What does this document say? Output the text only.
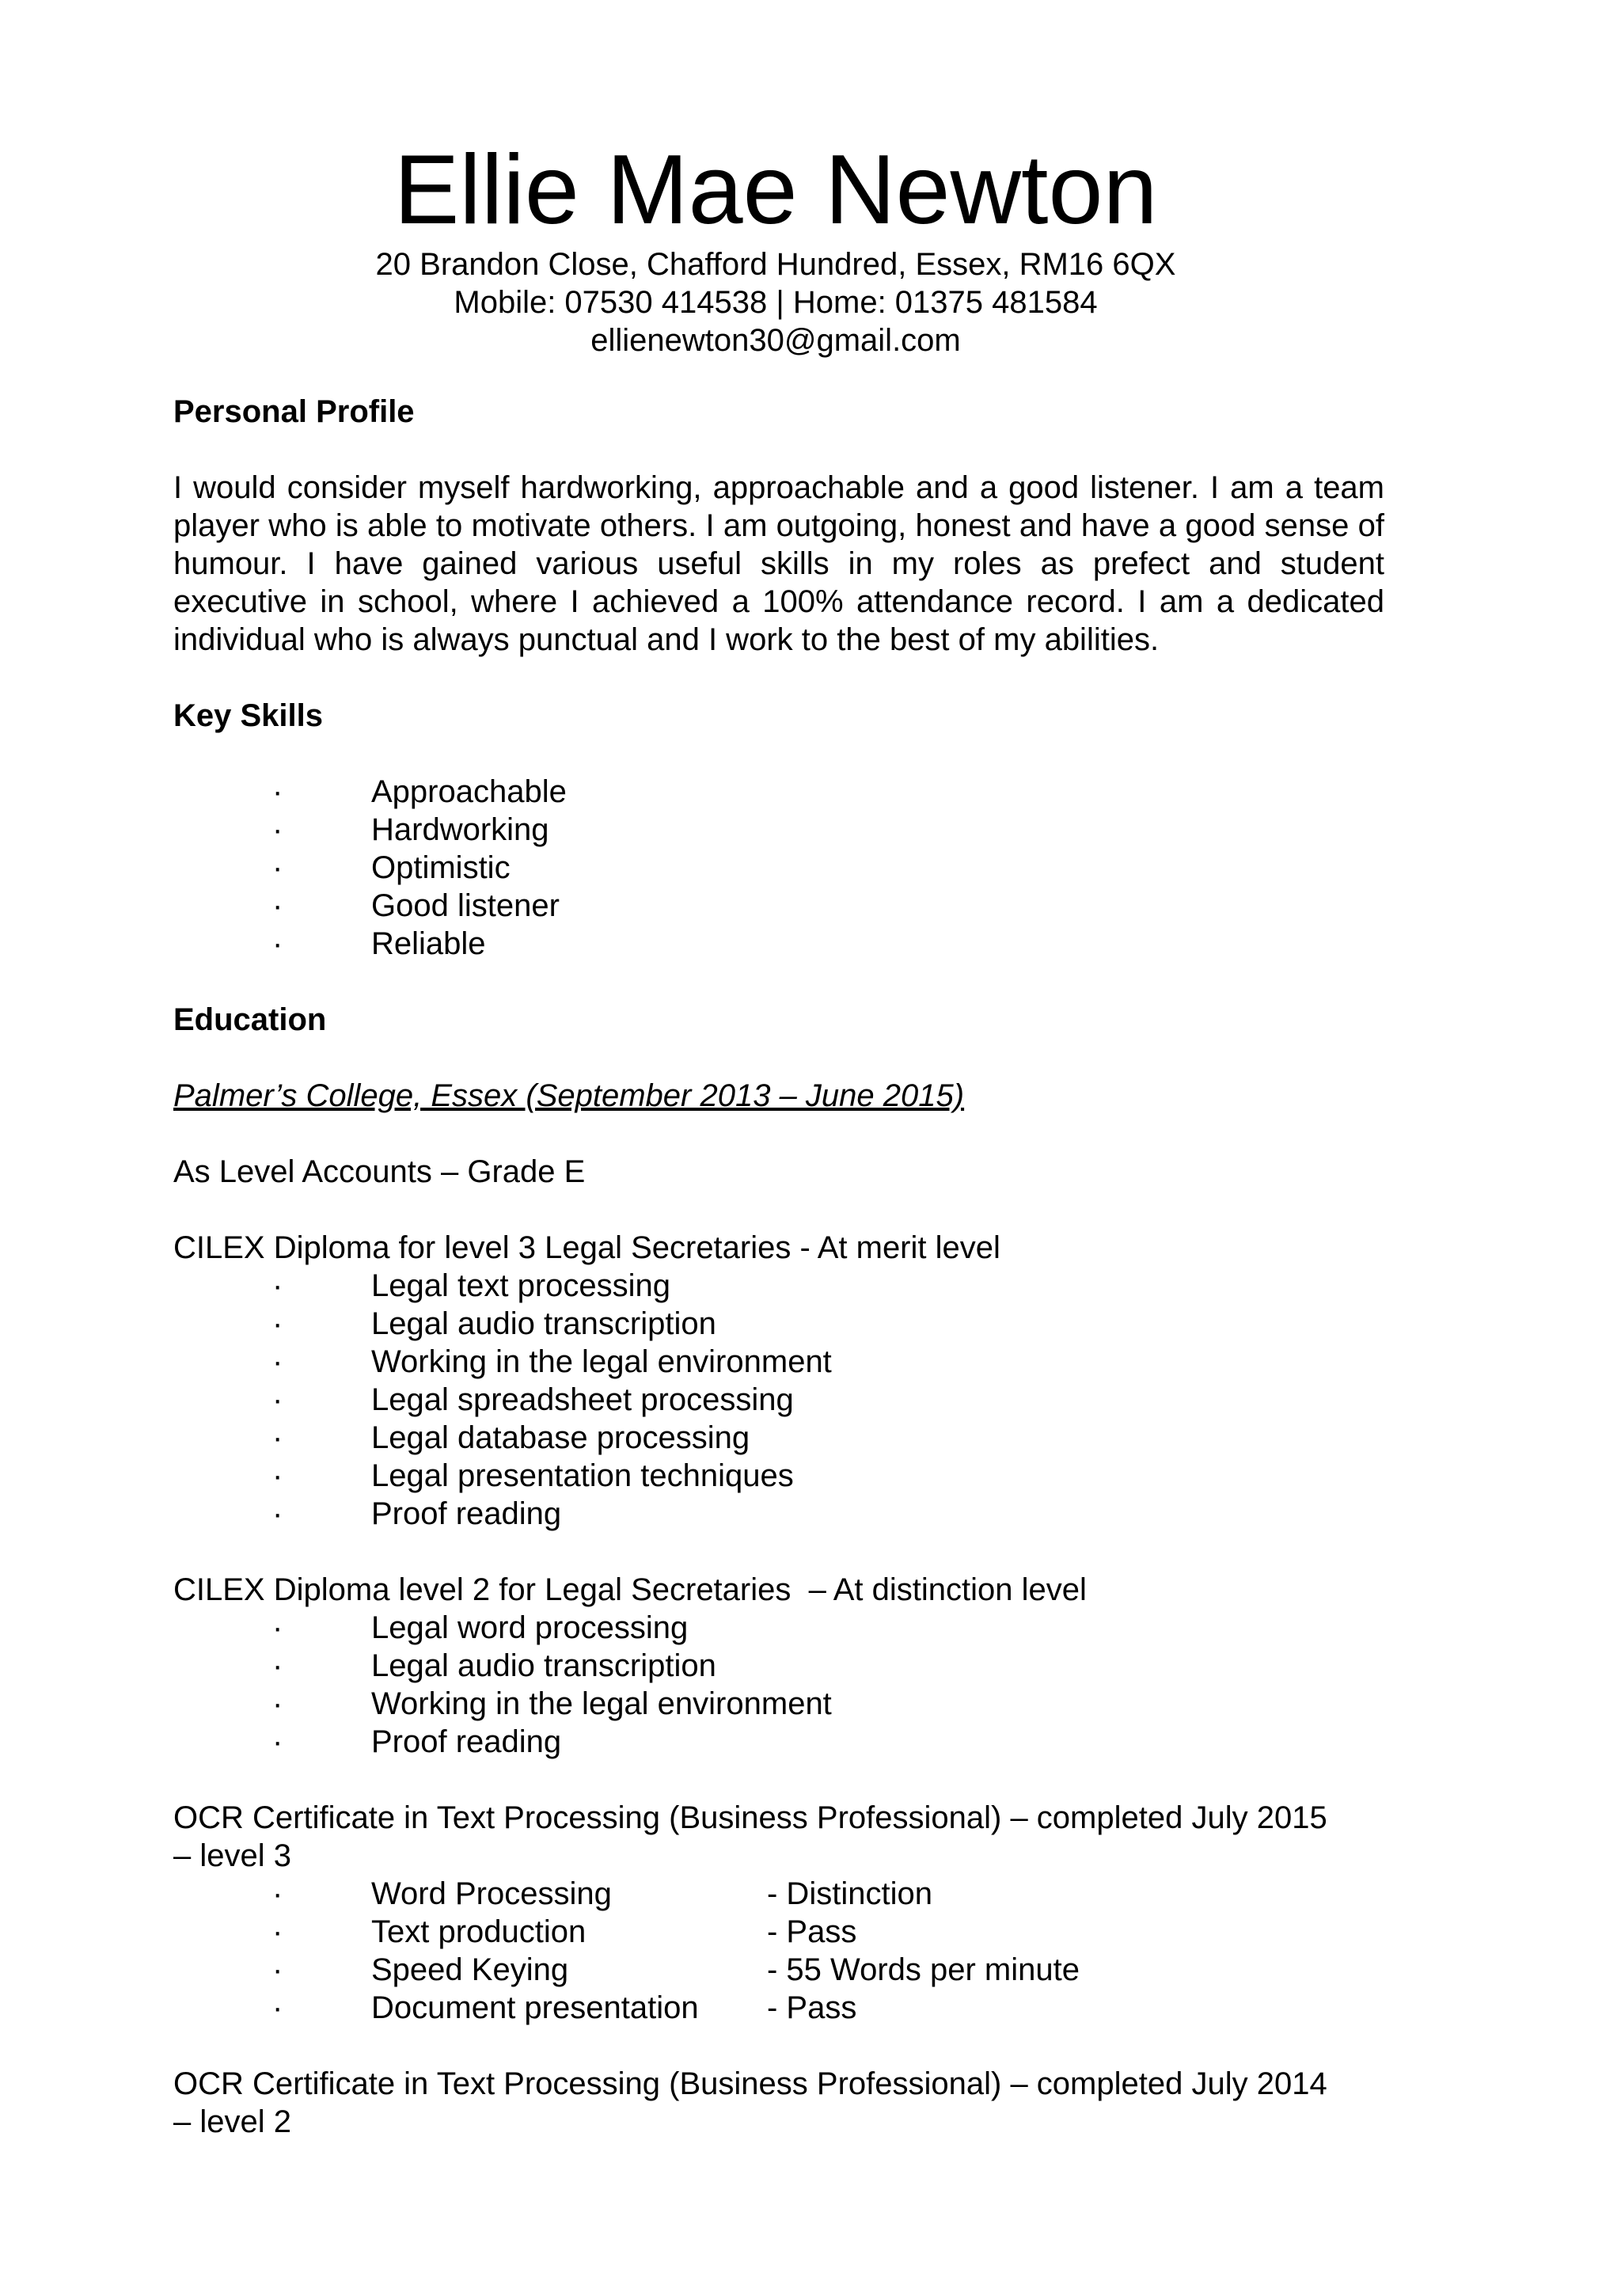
Ellie Mae Newton

20 Brandon Close, Chafford Hundred, Essex, RM16 6QX

Mobile: 07530 414538 | Home: 01375 481584

ellienewton30@gmail.com

Personal Profile

I would consider myself hardworking, approachable and a good listener. I am a team player who is able to motivate others. I am outgoing, honest and have a good sense of humour. I have gained various useful skills in my roles as prefect and student executive in school, where I achieved a 100% attendance record. I am a dedicated individual who is always punctual and I work to the best of my abilities.

Key Skills

·	Approachable
·	Hardworking
·	Optimistic
·	Good listener
·	Reliable

Education

Palmer’s College, Essex (September 2013 – June 2015)

As Level Accounts – Grade E

CILEX Diploma for level 3 Legal Secretaries - At merit level

·	Legal text processing
·	Legal audio transcription
·	Working in the legal environment
·	Legal spreadsheet processing
·	Legal database processing
·	Legal presentation techniques
·	Proof reading

CILEX Diploma level 2 for Legal Secretaries  – At distinction level

·	Legal word processing
·	Legal audio transcription
·	Working in the legal environment
·	Proof reading

OCR Certificate in Text Processing (Business Professional) – completed July 2015

– level 3

·	Word Processing	- Distinction
·	Text production	- Pass
·	Speed Keying	- 55 Words per minute
·	Document presentation	- Pass

OCR Certificate in Text Processing (Business Professional) – completed July 2014

– level 2
